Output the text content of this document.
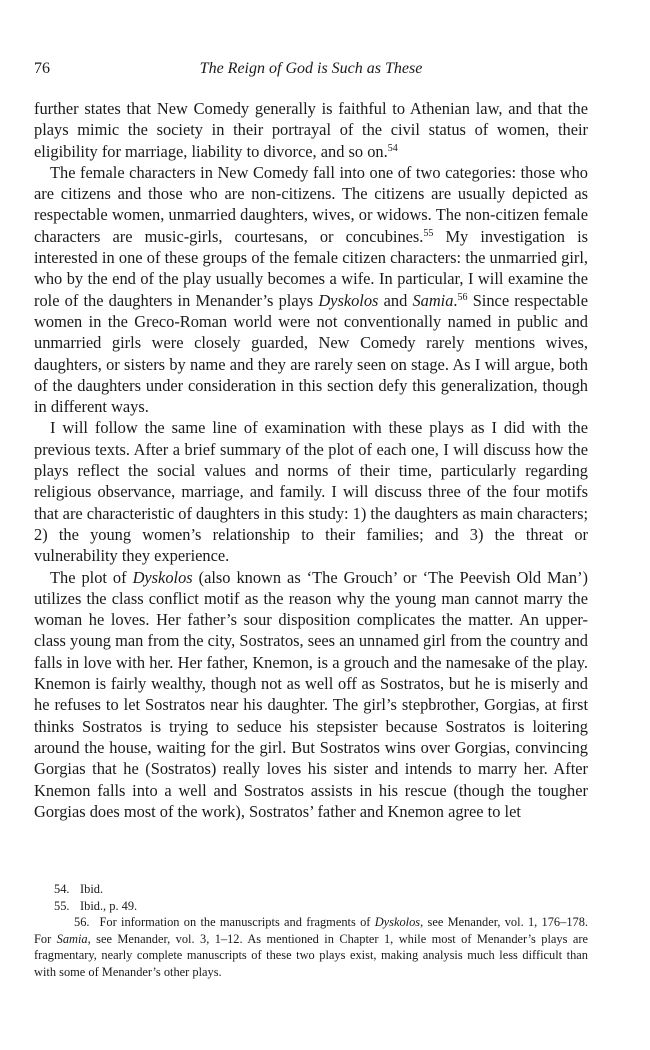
76	The Reign of God is Such as These

further states that New Comedy generally is faithful to Athenian law, and that the plays mimic the society in their portrayal of the civil status of women, their eligibility for marriage, liability to divorce, and so on.$^{54}$

The female characters in New Comedy fall into one of two categories: those who are citizens and those who are non-citizens. The citizens are usually depicted as respectable women, unmarried daughters, wives, or widows. The non-citizen female characters are music-girls, courtesans, or concubines.$^{55}$ My investigation is interested in one of these groups of the female citizen characters: the unmarried girl, who by the end of the play usually becomes a wife. In particular, I will examine the role of the daughters in Menander’s plays Dyskolos and Samia.$^{56}$ Since respectable women in the Greco-Roman world were not conventionally named in public and unmarried girls were closely guarded, New Comedy rarely mentions wives, daughters, or sisters by name and they are rarely seen on stage. As I will argue, both of the daughters under consideration in this section defy this generalization, though in different ways.

I will follow the same line of examination with these plays as I did with the previous texts. After a brief summary of the plot of each one, I will discuss how the plays reflect the social values and norms of their time, particularly regarding religious observance, marriage, and family. I will discuss three of the four motifs that are characteristic of daughters in this study: 1) the daughters as main characters; 2) the young women’s relationship to their families; and 3) the threat or vulnerability they experience.

The plot of Dyskolos (also known as ‘The Grouch’ or ‘The Peevish Old Man’) utilizes the class conflict motif as the reason why the young man cannot marry the woman he loves. Her father’s sour disposition complicates the matter. An upper-class young man from the city, Sostratos, sees an unnamed girl from the country and falls in love with her. Her father, Knemon, is a grouch and the namesake of the play. Knemon is fairly wealthy, though not as well off as Sostratos, but he is miserly and he refuses to let Sostratos near his daughter. The girl’s stepbrother, Gorgias, at first thinks Sostratos is trying to seduce his stepsister because Sostratos is loitering around the house, waiting for the girl. But Sostratos wins over Gorgias, convincing Gorgias that he (Sostratos) really loves his sister and intends to marry her. After Knemon falls into a well and Sostratos assists in his rescue (though the tougher Gorgias does most of the work), Sostratos’ father and Knemon agree to let

54. Ibid.

55. Ibid., p. 49.

56. For information on the manuscripts and fragments of Dyskolos, see Menander, vol. 1, 176–178. For Samia, see Menander, vol. 3, 1–12. As mentioned in Chapter 1, while most of Menander’s plays are fragmentary, nearly complete manuscripts of these two plays exist, making analysis much less difficult than with some of Menander’s other plays.
